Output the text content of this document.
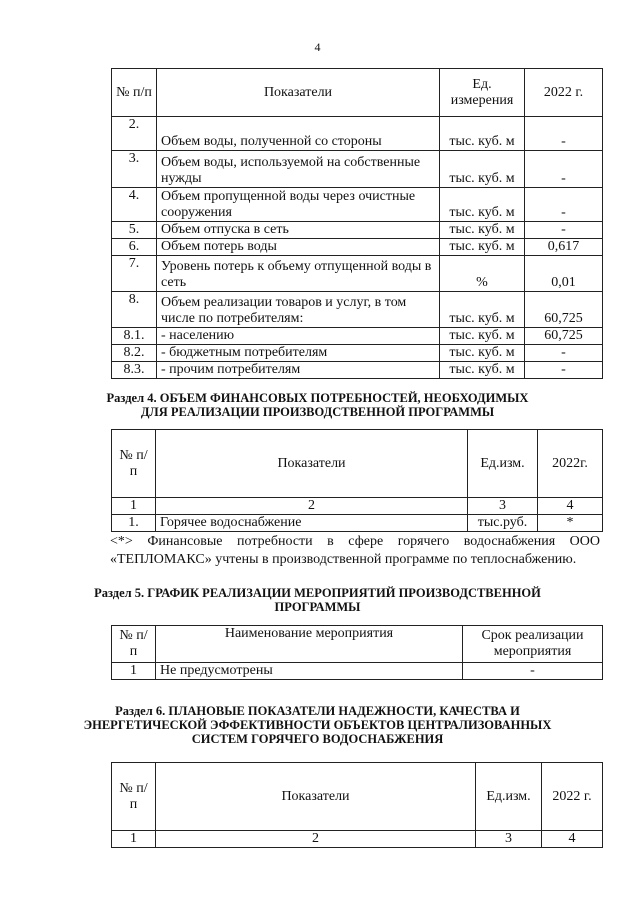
4
№ п/п	Показатели	Ед. измерения	2022 г.
2.	Объем воды, полученной со стороны	тыс. куб. м	-
3.	Объем воды, используемой на собственные нужды	тыс. куб. м	-
4.	Объем пропущенной воды через очистные сооружения	тыс. куб. м	-
5.	Объем отпуска в сеть	тыс. куб. м	-
6.	Объем потерь воды	тыс. куб. м	0,617
7.	Уровень потерь к объему отпущенной воды в сеть	%	0,01
8.	Объем реализации товаров и услуг, в том числе по потребителям:	тыс. куб. м	60,725
8.1.	- населению	тыс. куб. м	60,725
8.2.	- бюджетным потребителям	тыс. куб. м	-
8.3.	- прочим потребителям	тыс. куб. м	-
Раздел 4. ОБЪЕМ ФИНАНСОВЫХ ПОТРЕБНОСТЕЙ, НЕОБХОДИМЫХ
ДЛЯ РЕАЛИЗАЦИИ ПРОИЗВОДСТВЕННОЙ ПРОГРАММЫ
№ п/п	Показатели	Ед.изм.	2022г.
1	2	3	4
1.	Горячее водоснабжение	тыс.руб.	*
<*> Финансовые потребности в сфере горячего водоснабжения ООО «ТЕПЛОМАКС» учтены в производственной программе по теплоснабжению.
Раздел 5. ГРАФИК РЕАЛИЗАЦИИ МЕРОПРИЯТИЙ ПРОИЗВОДСТВЕННОЙ
ПРОГРАММЫ
№ п/п	Наименование мероприятия	Срок реализации мероприятия
1	Не предусмотрены	-
Раздел 6. ПЛАНОВЫЕ ПОКАЗАТЕЛИ НАДЕЖНОСТИ, КАЧЕСТВА И
ЭНЕРГЕТИЧЕСКОЙ ЭФФЕКТИВНОСТИ ОБЪЕКТОВ ЦЕНТРАЛИЗОВАННЫХ
СИСТЕМ ГОРЯЧЕГО ВОДОСНАБЖЕНИЯ
№ п/п	Показатели	Ед.изм.	2022 г.
1	2	3	4
